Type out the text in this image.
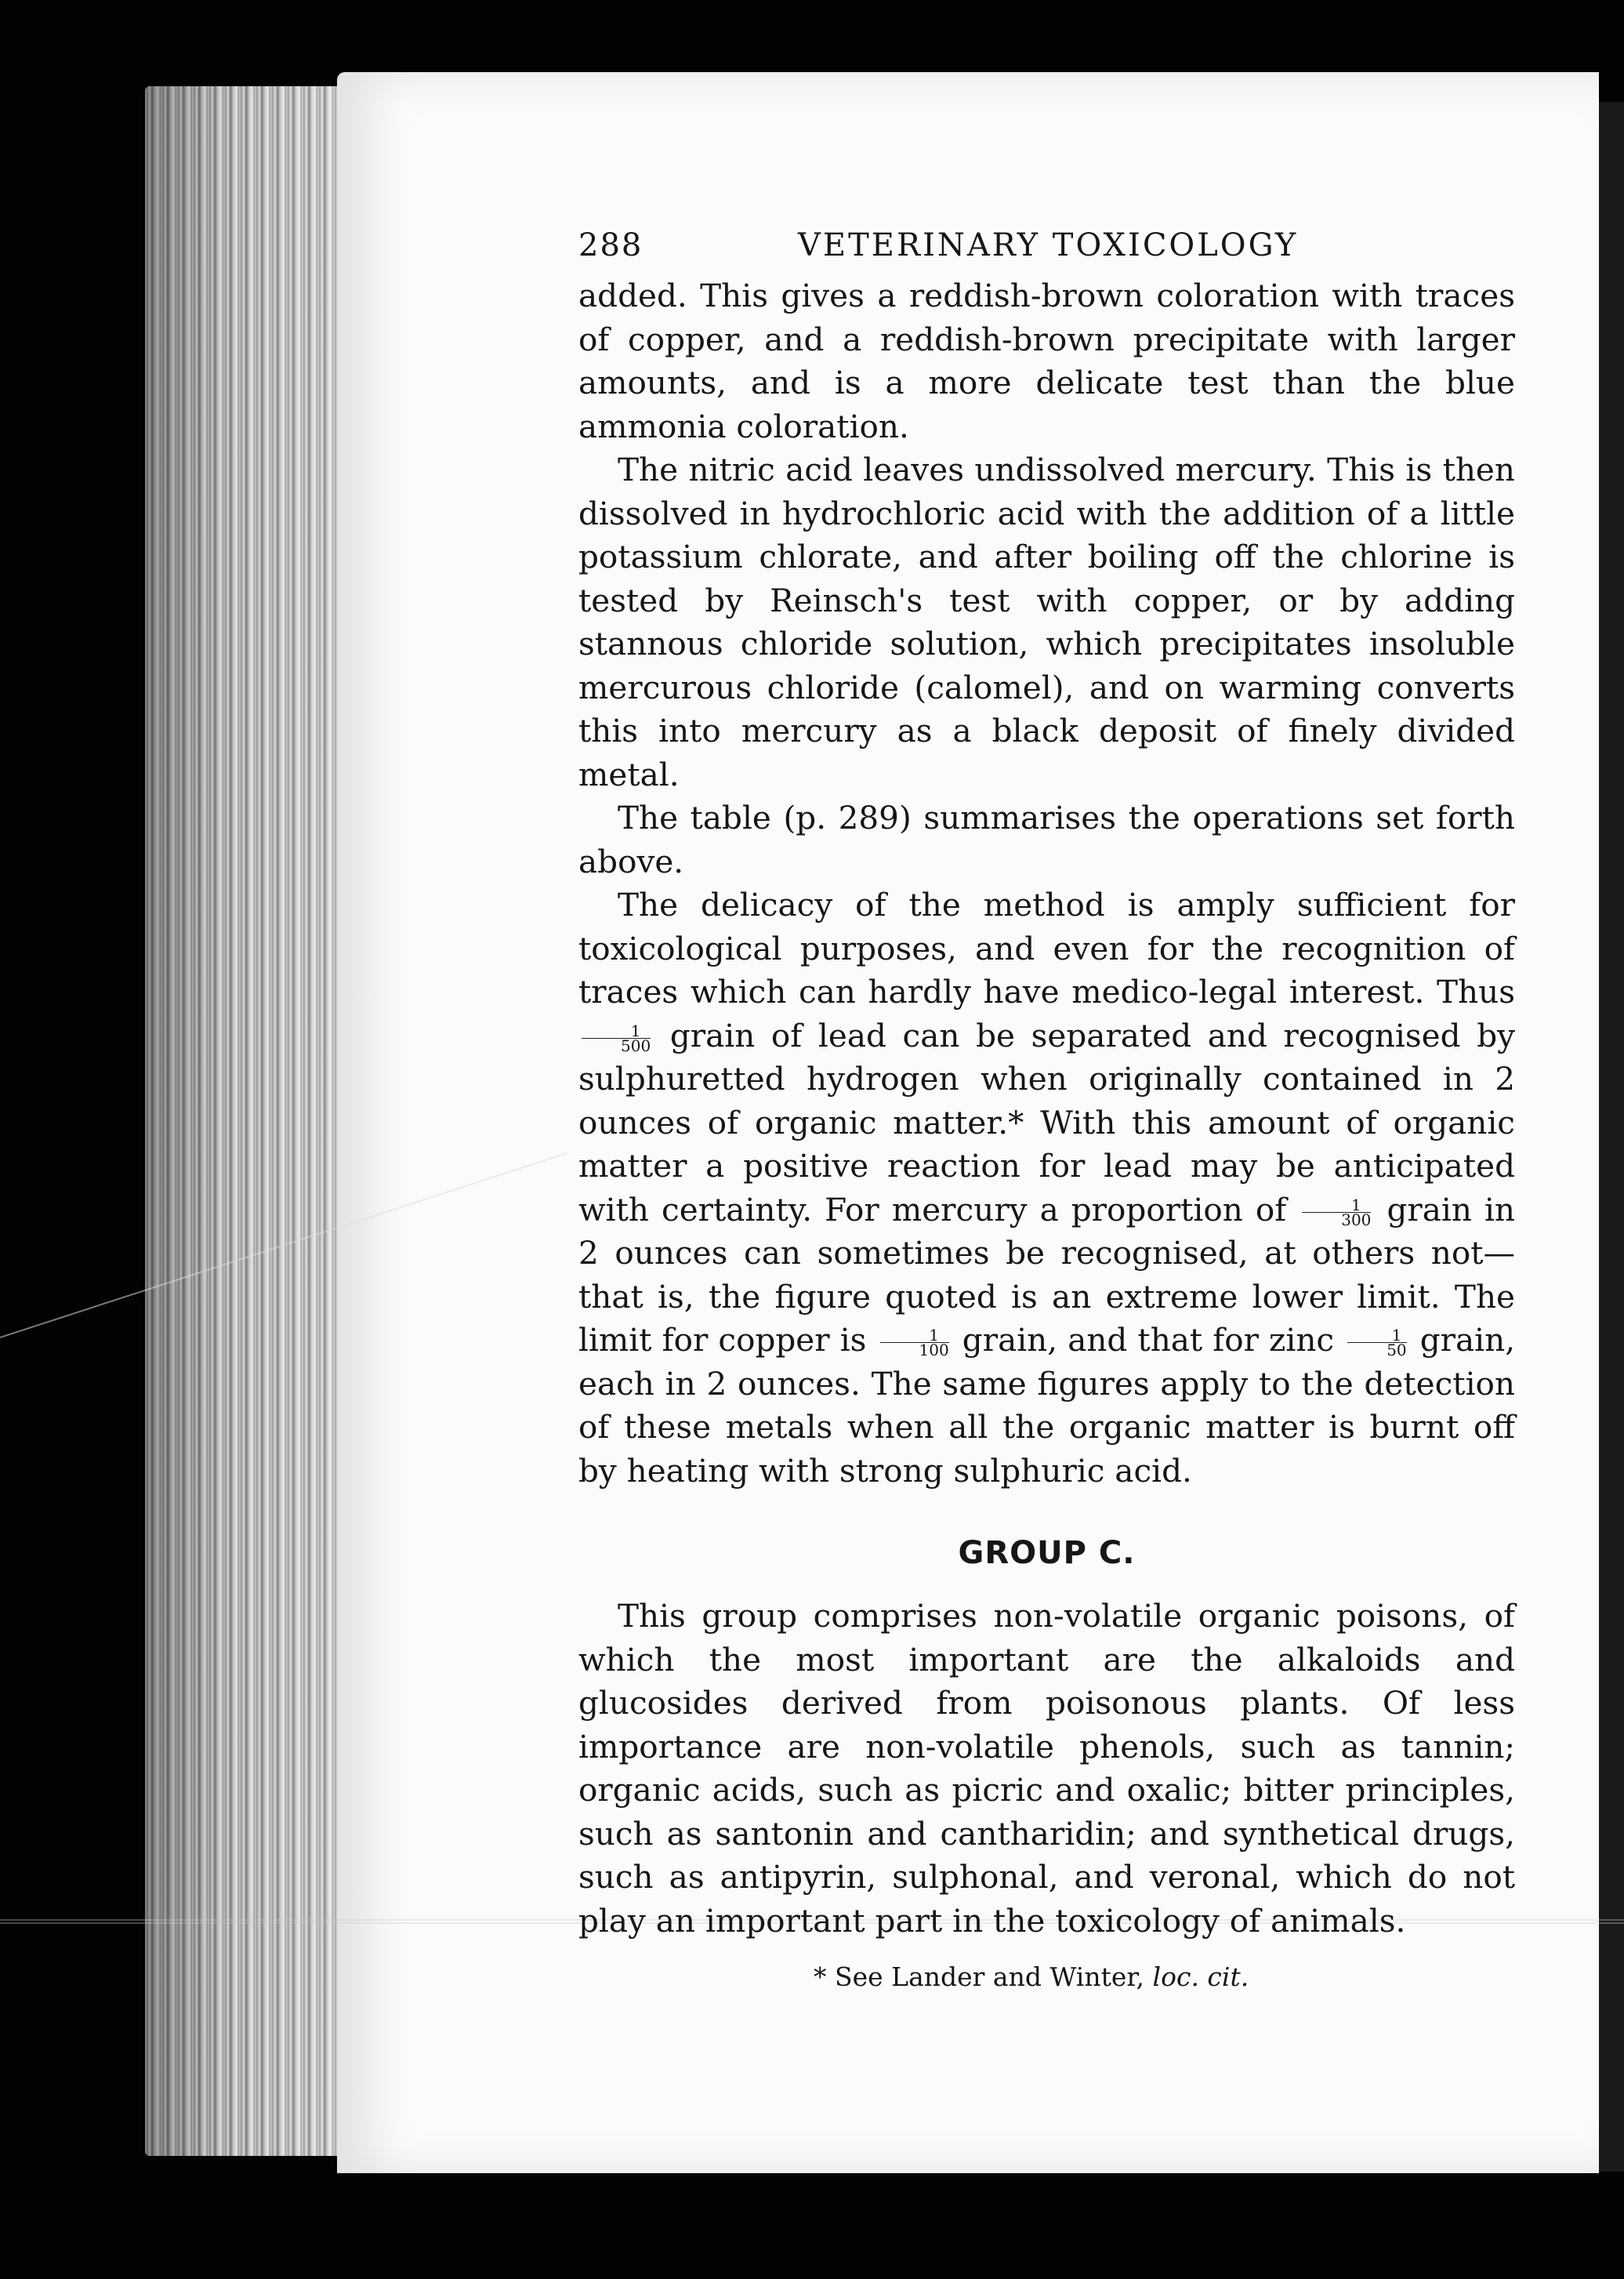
288	VETERINARY TOXICOLOGY

added. This gives a reddish-brown coloration with traces of copper, and a reddish-brown precipitate with larger amounts, and is a more delicate test than the blue ammonia coloration.

The nitric acid leaves undissolved mercury. This is then dissolved in hydrochloric acid with the addition of a little potassium chlorate, and after boiling off the chlorine is tested by Reinsch's test with copper, or by adding stannous chloride solution, which precipitates insoluble mercurous chloride (calomel), and on warming converts this into mercury as a black deposit of finely divided metal.

The table (p. 289) summarises the operations set forth above.

The delicacy of the method is amply sufficient for toxicological purposes, and even for the recognition of traces which can hardly have medico-legal interest. Thus
$\frac{1}{500}$ grain of lead can be separated and recognised by sulphuretted hydrogen when originally contained in 2 ounces of organic matter.* With this amount of organic matter a positive reaction for lead may be anticipated with certainty. For mercury a proportion of $\frac{1}{300}$ grain in 2 ounces can sometimes be recognised, at others not—that is, the figure quoted is an extreme lower limit. The limit for copper is $\frac{1}{100}$ grain, and that for zinc $\frac{1}{50}$ grain, each in 2 ounces. The same figures apply to the detection of these metals when all the organic matter is burnt off by heating with strong sulphuric acid.

GROUP C.

This group comprises non-volatile organic poisons, of which the most important are the alkaloids and glucosides derived from poisonous plants. Of less importance are non-volatile phenols, such as tannin; organic acids, such as picric and oxalic; bitter principles, such as santonin and cantharidin; and synthetical drugs, such as antipyrin, sulphonal, and veronal, which do not play an important part in the toxicology of animals.

* See Lander and Winter, loc. cit.
